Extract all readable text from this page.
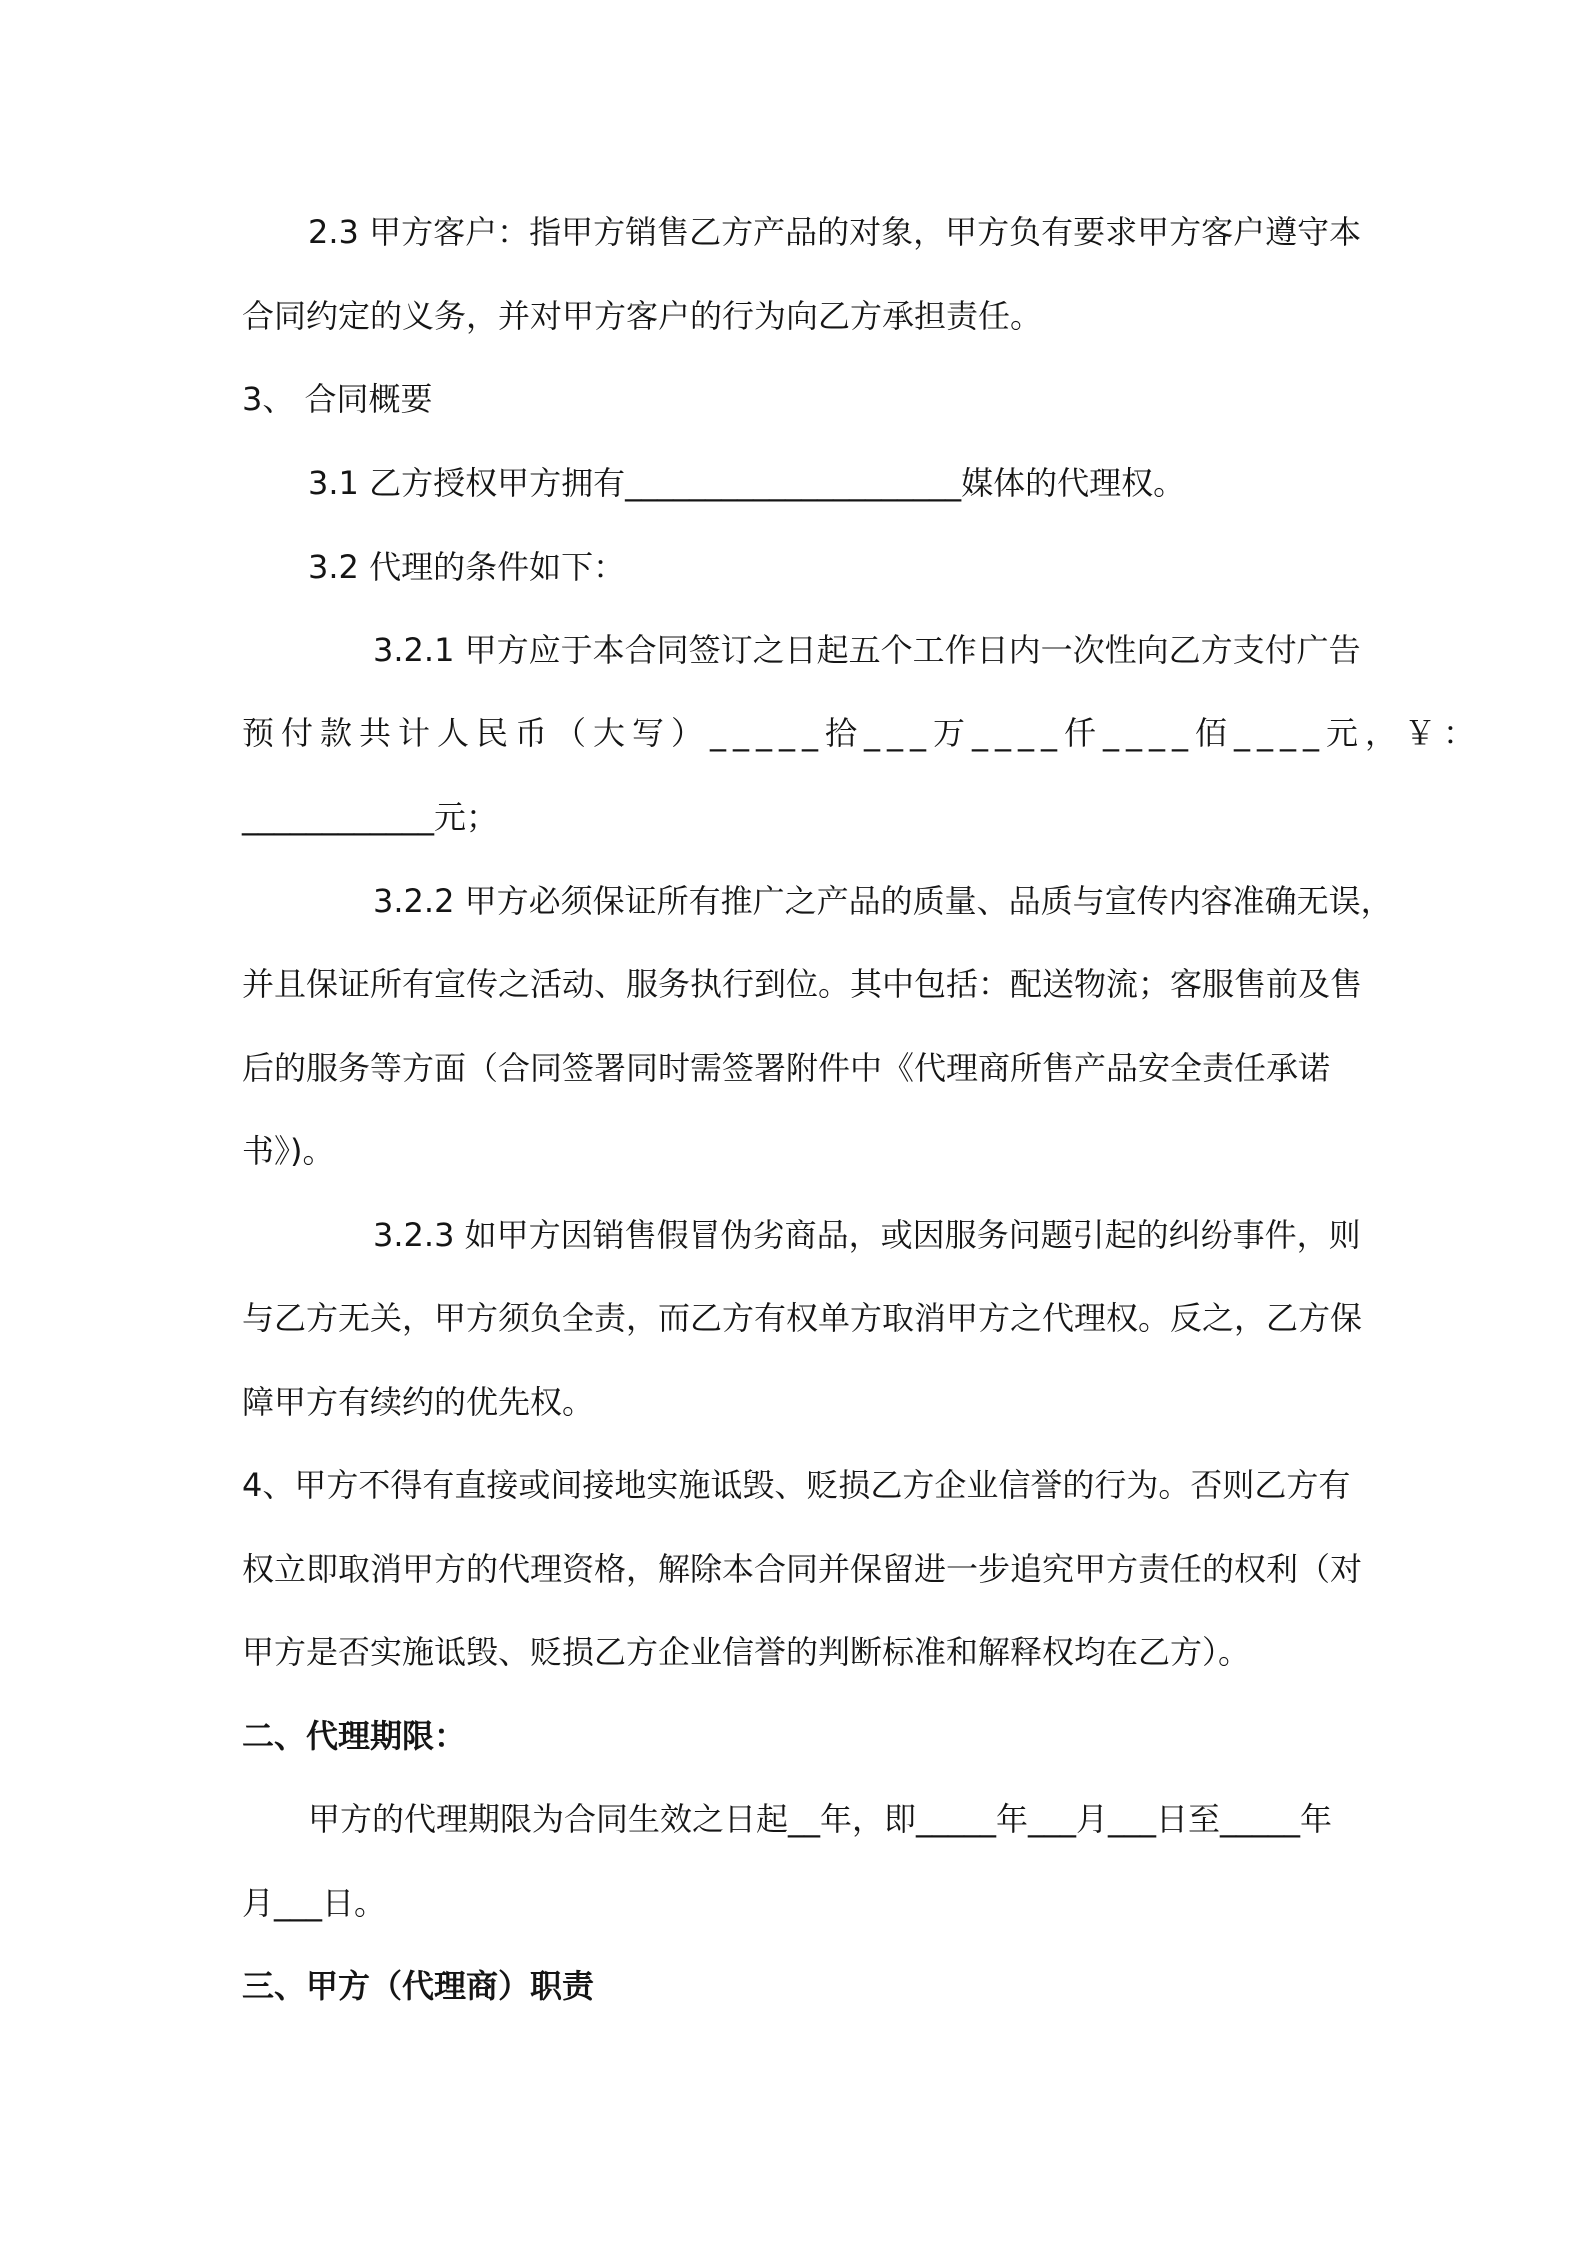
2.3 甲方客户：指甲方销售乙方产品的对象，甲方负有要求甲方客户遵守本
合同约定的义务，并对甲方客户的行为向乙方承担责任。
3、 合同概要
3.1 乙方授权甲方拥有_____________________媒体的代理权。
3.2 代理的条件如下：
3.2.1 甲方应于本合同签订之日起五个工作日内一次性向乙方支付广告
预付款共计人民币（大写）_____拾___万____仟____佰____元，￥：
____________元；
3.2.2 甲方必须保证所有推广之产品的质量、品质与宣传内容准确无误，
并且保证所有宣传之活动、服务执行到位。其中包括：配送物流；客服售前及售
后的服务等方面（合同签署同时需签署附件中《代理商所售产品安全责任承诺
书》)。
3.2.3 如甲方因销售假冒伪劣商品，或因服务问题引起的纠纷事件，则
与乙方无关，甲方须负全责，而乙方有权单方取消甲方之代理权。反之，乙方保
障甲方有续约的优先权。
4、甲方不得有直接或间接地实施诋毁、贬损乙方企业信誉的行为。否则乙方有
权立即取消甲方的代理资格，解除本合同并保留进一步追究甲方责任的权利（对
甲方是否实施诋毁、贬损乙方企业信誉的判断标准和解释权均在乙方）。
二、代理期限：
甲方的代理期限为合同生效之日起__年，即_____年___月___日至_____年
月___日。
三、甲方（代理商）职责
